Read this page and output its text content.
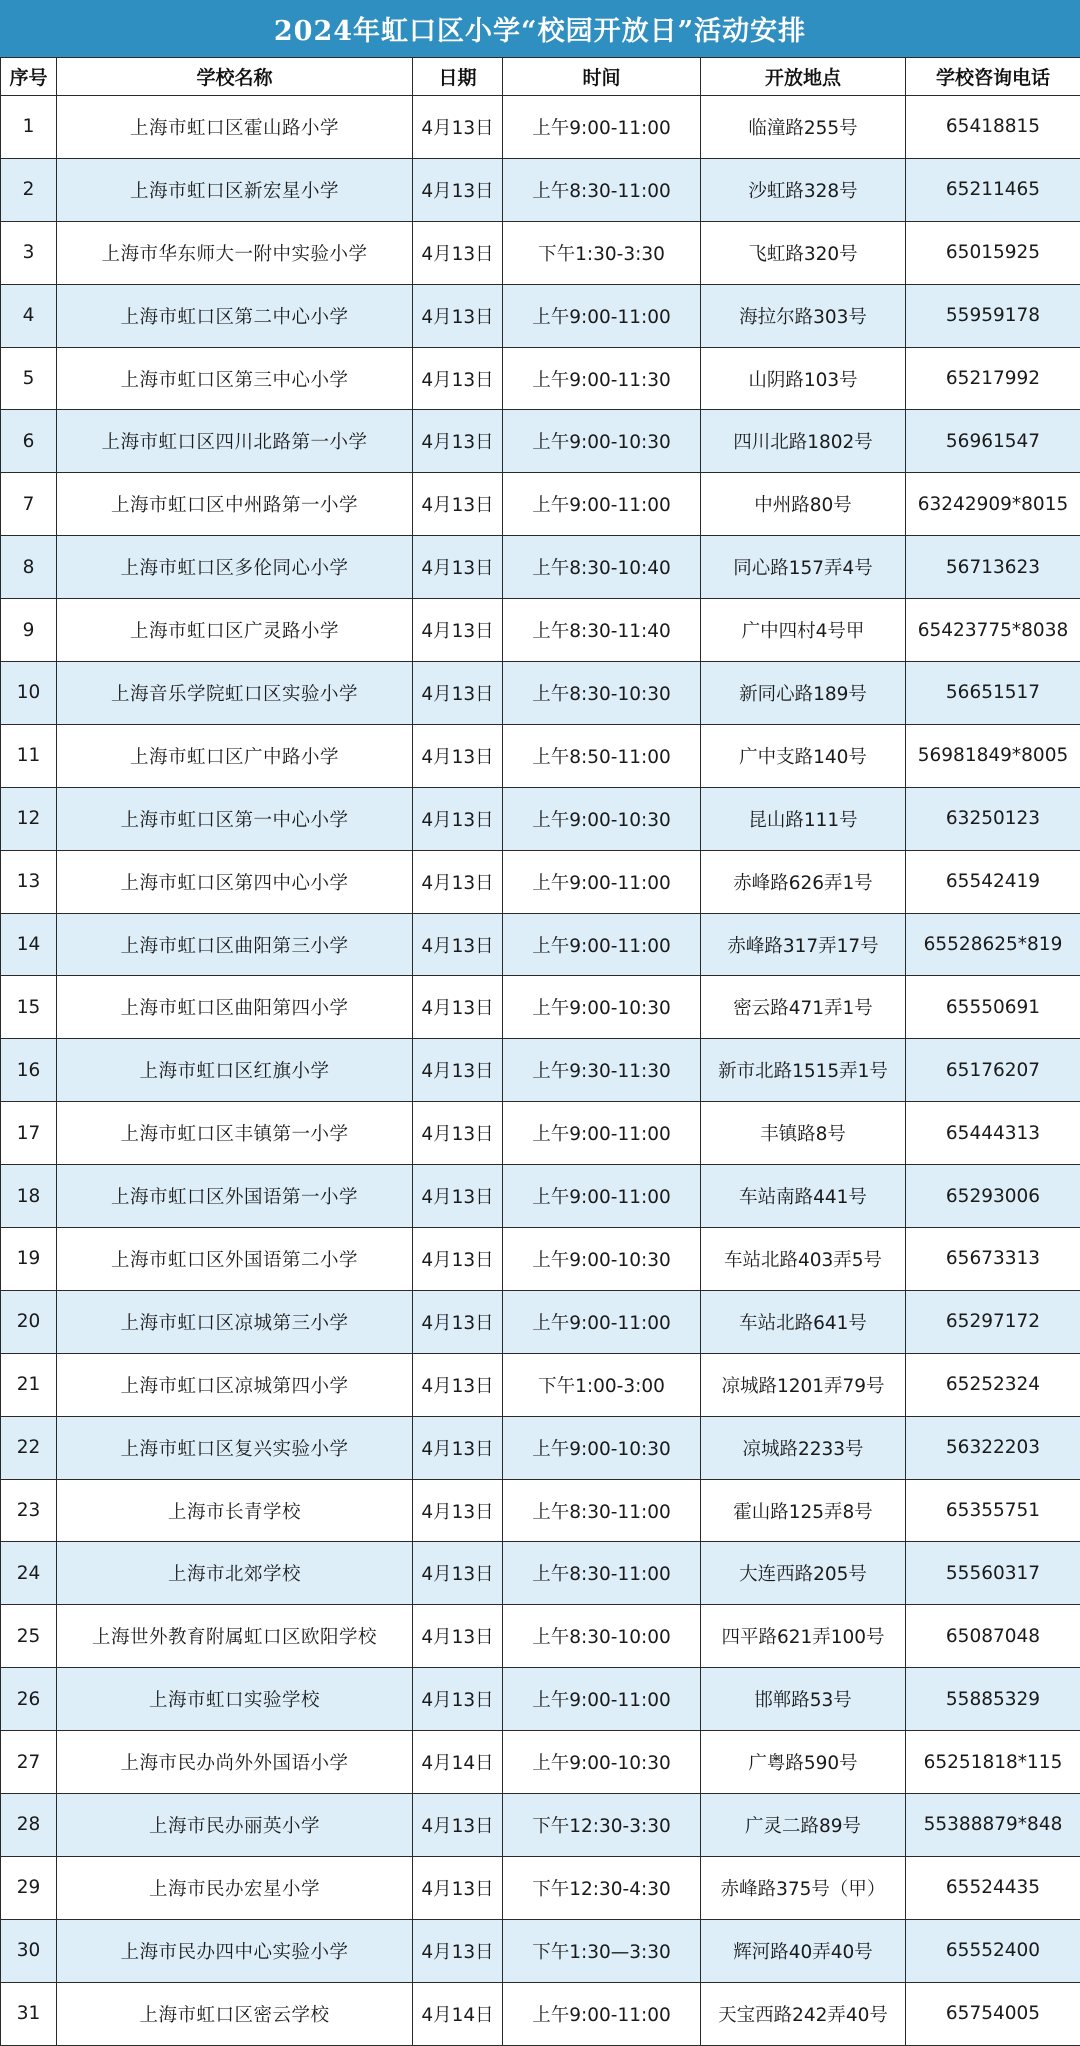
2024年虹口区小学“校园开放日”活动安排
序号	学校名称	日期	时间	开放地点	学校咨询电话
1	上海市虹口区霍山路小学	4月13日	上午9:00-11:00	临潼路255号	65418815
2	上海市虹口区新宏星小学	4月13日	上午8:30-11:00	沙虹路328号	65211465
3	上海市华东师大一附中实验小学	4月13日	下午1:30-3:30	飞虹路320号	65015925
4	上海市虹口区第二中心小学	4月13日	上午9:00-11:00	海拉尔路303号	55959178
5	上海市虹口区第三中心小学	4月13日	上午9:00-11:30	山阴路103号	65217992
6	上海市虹口区四川北路第一小学	4月13日	上午9:00-10:30	四川北路1802号	56961547
7	上海市虹口区中州路第一小学	4月13日	上午9:00-11:00	中州路80号	63242909*8015
8	上海市虹口区多伦同心小学	4月13日	上午8:30-10:40	同心路157弄4号	56713623
9	上海市虹口区广灵路小学	4月13日	上午8:30-11:40	广中四村4号甲	65423775*8038
10	上海音乐学院虹口区实验小学	4月13日	上午8:30-10:30	新同心路189号	56651517
11	上海市虹口区广中路小学	4月13日	上午8:50-11:00	广中支路140号	56981849*8005
12	上海市虹口区第一中心小学	4月13日	上午9:00-10:30	昆山路111号	63250123
13	上海市虹口区第四中心小学	4月13日	上午9:00-11:00	赤峰路626弄1号	65542419
14	上海市虹口区曲阳第三小学	4月13日	上午9:00-11:00	赤峰路317弄17号	65528625*819
15	上海市虹口区曲阳第四小学	4月13日	上午9:00-10:30	密云路471弄1号	65550691
16	上海市虹口区红旗小学	4月13日	上午9:30-11:30	新市北路1515弄1号	65176207
17	上海市虹口区丰镇第一小学	4月13日	上午9:00-11:00	丰镇路8号	65444313
18	上海市虹口区外国语第一小学	4月13日	上午9:00-11:00	车站南路441号	65293006
19	上海市虹口区外国语第二小学	4月13日	上午9:00-10:30	车站北路403弄5号	65673313
20	上海市虹口区凉城第三小学	4月13日	上午9:00-11:00	车站北路641号	65297172
21	上海市虹口区凉城第四小学	4月13日	下午1:00-3:00	凉城路1201弄79号	65252324
22	上海市虹口区复兴实验小学	4月13日	上午9:00-10:30	凉城路2233号	56322203
23	上海市长青学校	4月13日	上午8:30-11:00	霍山路125弄8号	65355751
24	上海市北郊学校	4月13日	上午8:30-11:00	大连西路205号	55560317
25	上海世外教育附属虹口区欧阳学校	4月13日	上午8:30-10:00	四平路621弄100号	65087048
26	上海市虹口实验学校	4月13日	上午9:00-11:00	邯郸路53号	55885329
27	上海市民办尚外外国语小学	4月14日	上午9:00-10:30	广粤路590号	65251818*115
28	上海市民办丽英小学	4月13日	下午12:30-3:30	广灵二路89号	55388879*848
29	上海市民办宏星小学	4月13日	下午12:30-4:30	赤峰路375号（甲）	65524435
30	上海市民办四中心实验小学	4月13日	下午1:30—3:30	辉河路40弄40号	65552400
31	上海市虹口区密云学校	4月14日	上午9:00-11:00	天宝西路242弄40号	65754005
